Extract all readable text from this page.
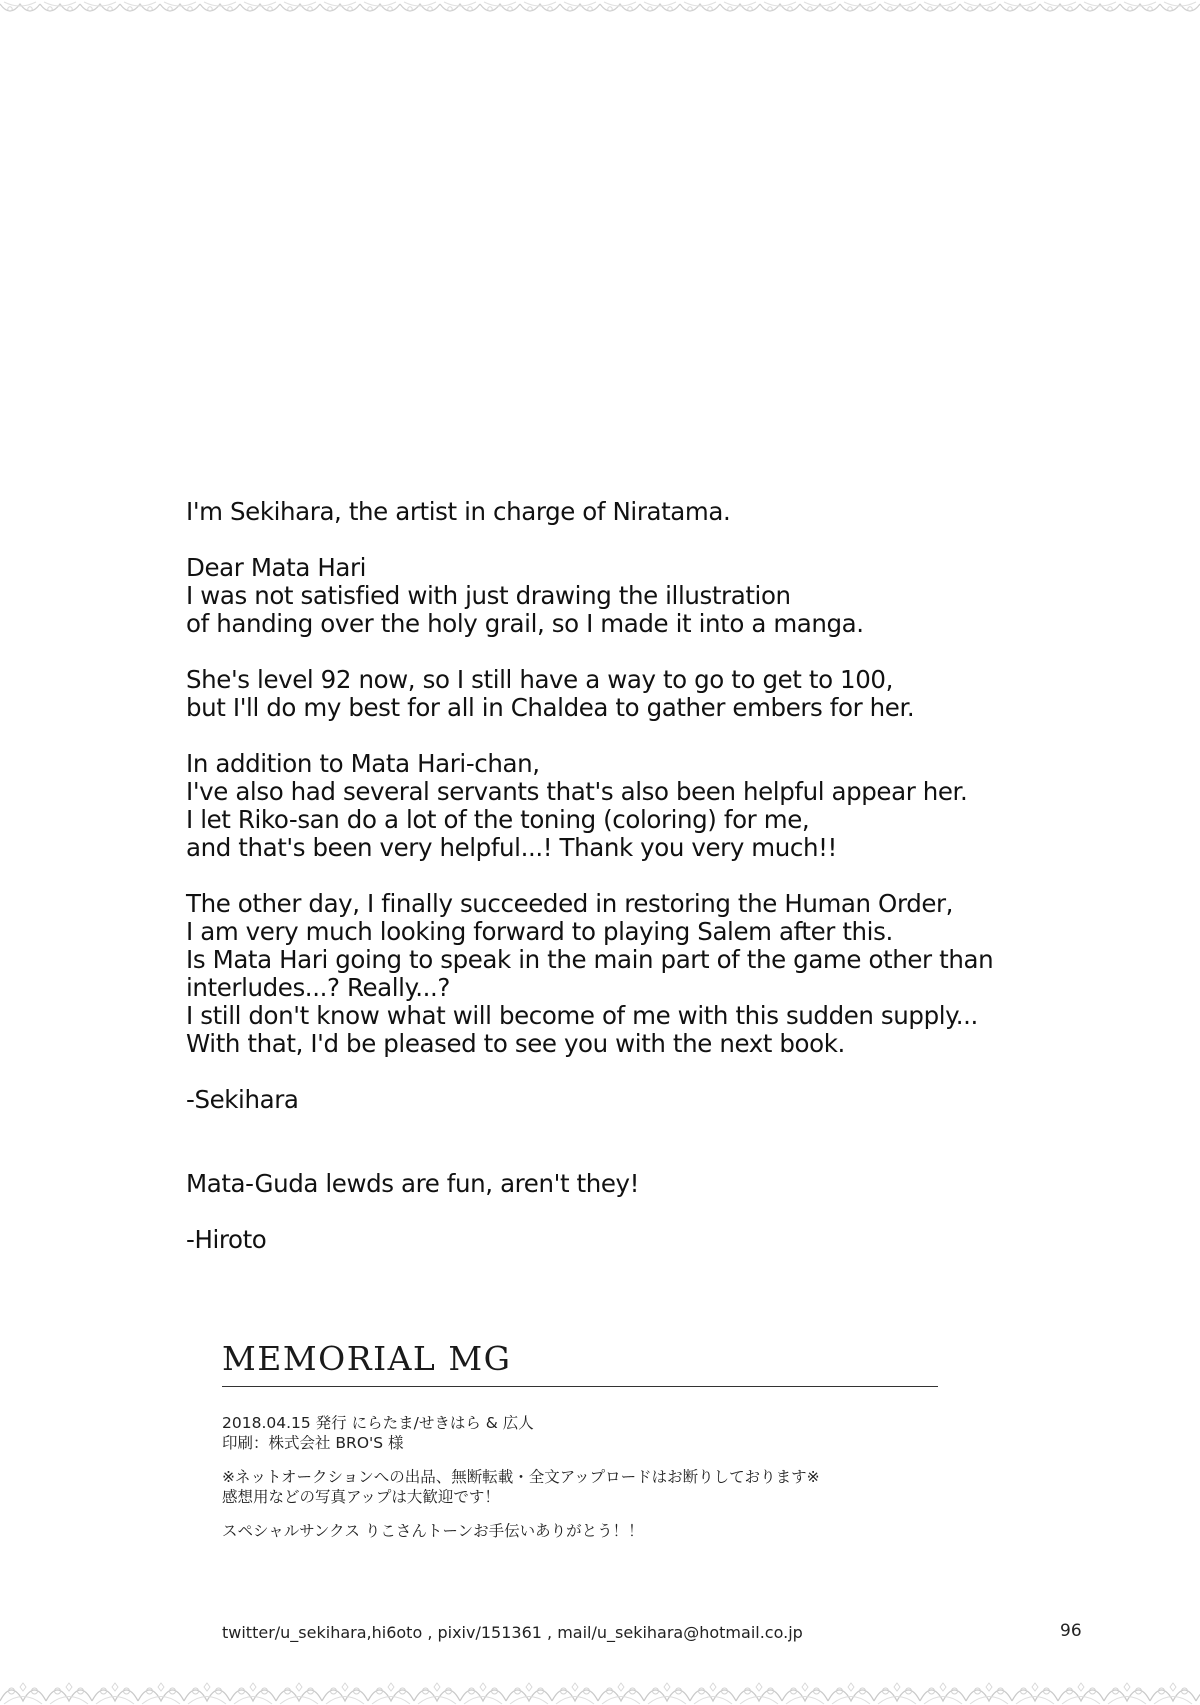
I'm Sekihara, the artist in charge of Niratama.

Dear Mata Hari
I was not satisfied with just drawing the illustration
of handing over the holy grail, so I made it into a manga.

She's level 92 now, so I still have a way to go to get to 100,
but I'll do my best for all in Chaldea to gather embers for her.

In addition to Mata Hari-chan,
I've also had several servants that's also been helpful appear her.
I let Riko-san do a lot of the toning (coloring) for me,
and that's been very helpful...! Thank you very much!!

The other day, I finally succeeded in restoring the Human Order,
I am very much looking forward to playing Salem after this.
Is Mata Hari going to speak in the main part of the game other than
interludes...? Really...?
I still don't know what will become of me with this sudden supply...
With that, I'd be pleased to see you with the next book.

-Sekihara

Mata-Guda lewds are fun, aren't they!

-Hiroto

MEMORIAL MG
2018.04.15 発行 にらたま/せきはら & 広人
印刷：株式会社 BRO'S 様
※ネットオークションへの出品、無断転載・全文アップロードはお断りしております※
感想用などの写真アップは大歓迎です！
スペシャルサンクス りこさんトーンお手伝いありがとう！！
twitter/u_sekihara,hi6oto , pixiv/151361 , mail/u_sekihara@hotmail.co.jp	96
